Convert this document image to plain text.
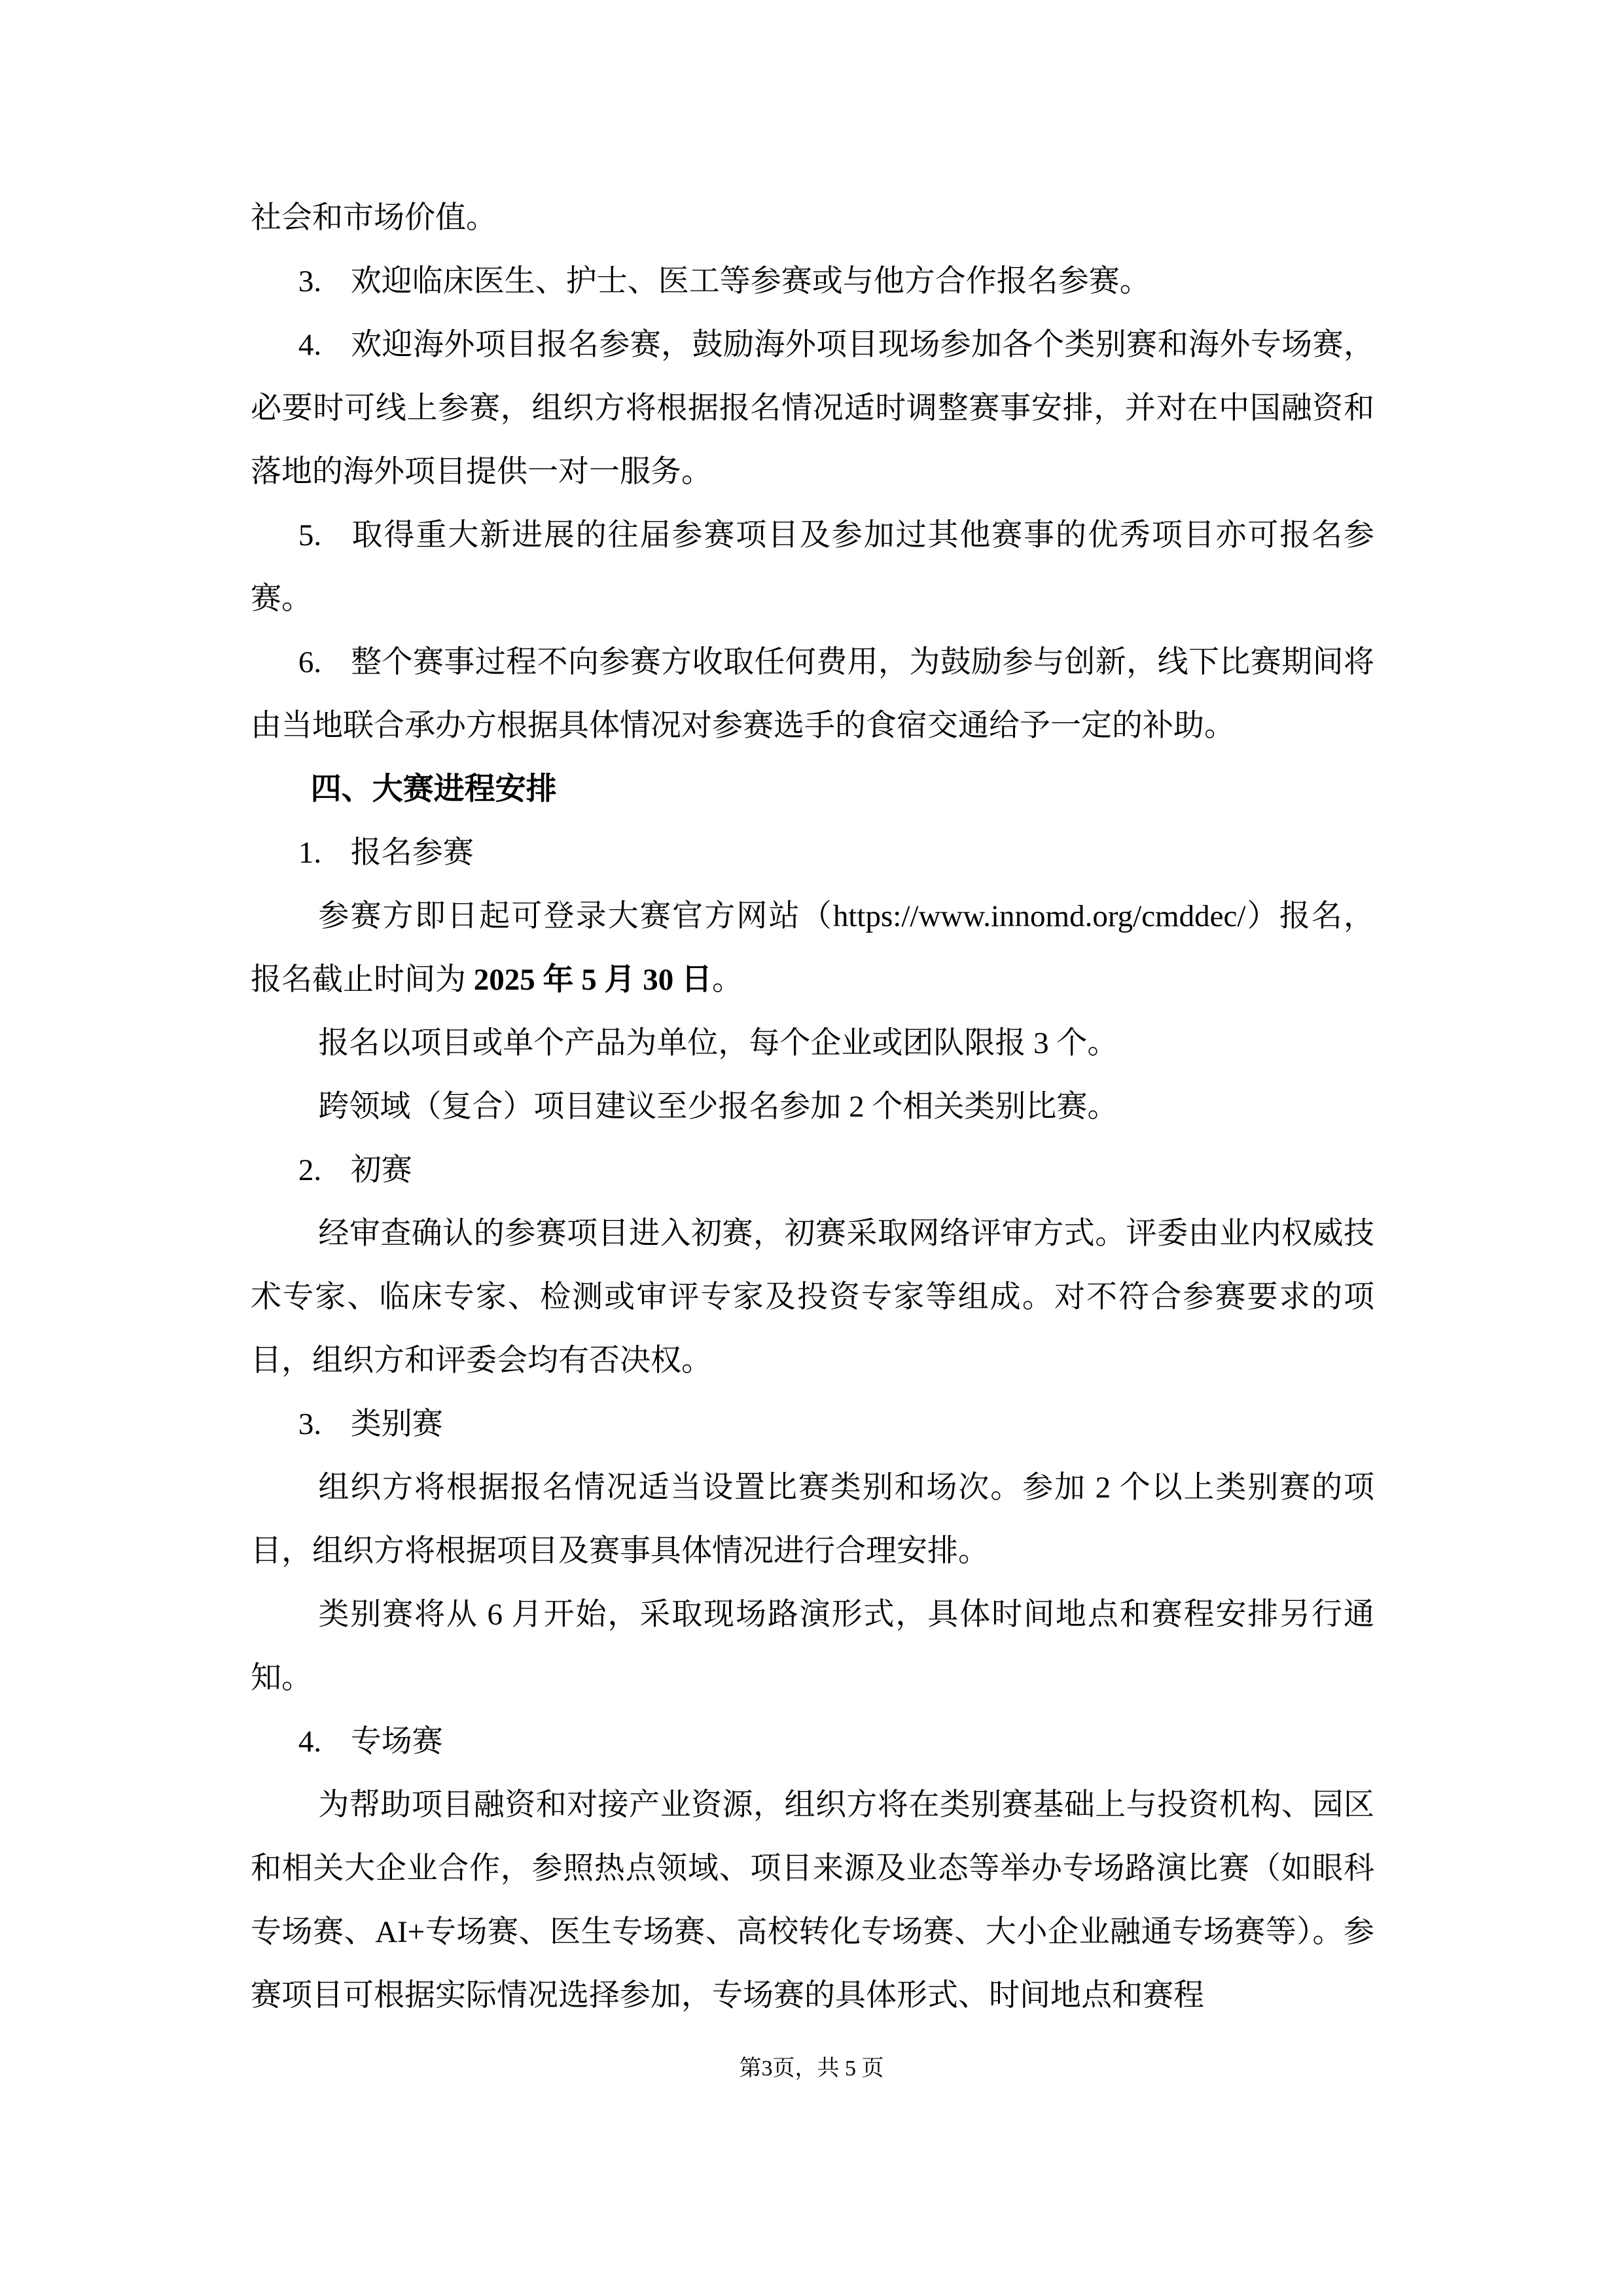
社会和市场价值。

3. 欢迎临床医生、护士、医工等参赛或与他方合作报名参赛。

4. 欢迎海外项目报名参赛，鼓励海外项目现场参加各个类别赛和海外专场赛，必要时可线上参赛，组织方将根据报名情况适时调整赛事安排，并对在中国融资和落地的海外项目提供一对一服务。

5. 取得重大新进展的往届参赛项目及参加过其他赛事的优秀项目亦可报名参赛。

6. 整个赛事过程不向参赛方收取任何费用，为鼓励参与创新，线下比赛期间将由当地联合承办方根据具体情况对参赛选手的食宿交通给予一定的补助。

四、大赛进程安排

1. 报名参赛

参赛方即日起可登录大赛官方网站（https://www.innomd.org/cmddec/）报名，报名截止时间为 2025 年 5 月 30 日。

报名以项目或单个产品为单位，每个企业或团队限报 3 个。

跨领域（复合）项目建议至少报名参加 2 个相关类别比赛。

2. 初赛

经审查确认的参赛项目进入初赛，初赛采取网络评审方式。评委由业内权威技术专家、临床专家、检测或审评专家及投资专家等组成。对不符合参赛要求的项目，组织方和评委会均有否决权。

3. 类别赛

组织方将根据报名情况适当设置比赛类别和场次。参加 2 个以上类别赛的项目，组织方将根据项目及赛事具体情况进行合理安排。

类别赛将从 6 月开始，采取现场路演形式，具体时间地点和赛程安排另行通知。

4. 专场赛

为帮助项目融资和对接产业资源，组织方将在类别赛基础上与投资机构、园区和相关大企业合作，参照热点领域、项目来源及业态等举办专场路演比赛（如眼科专场赛、AI+专场赛、医生专场赛、高校转化专场赛、大小企业融通专场赛等）。参赛项目可根据实际情况选择参加，专场赛的具体形式、时间地点和赛程

第3页，共 5 页
